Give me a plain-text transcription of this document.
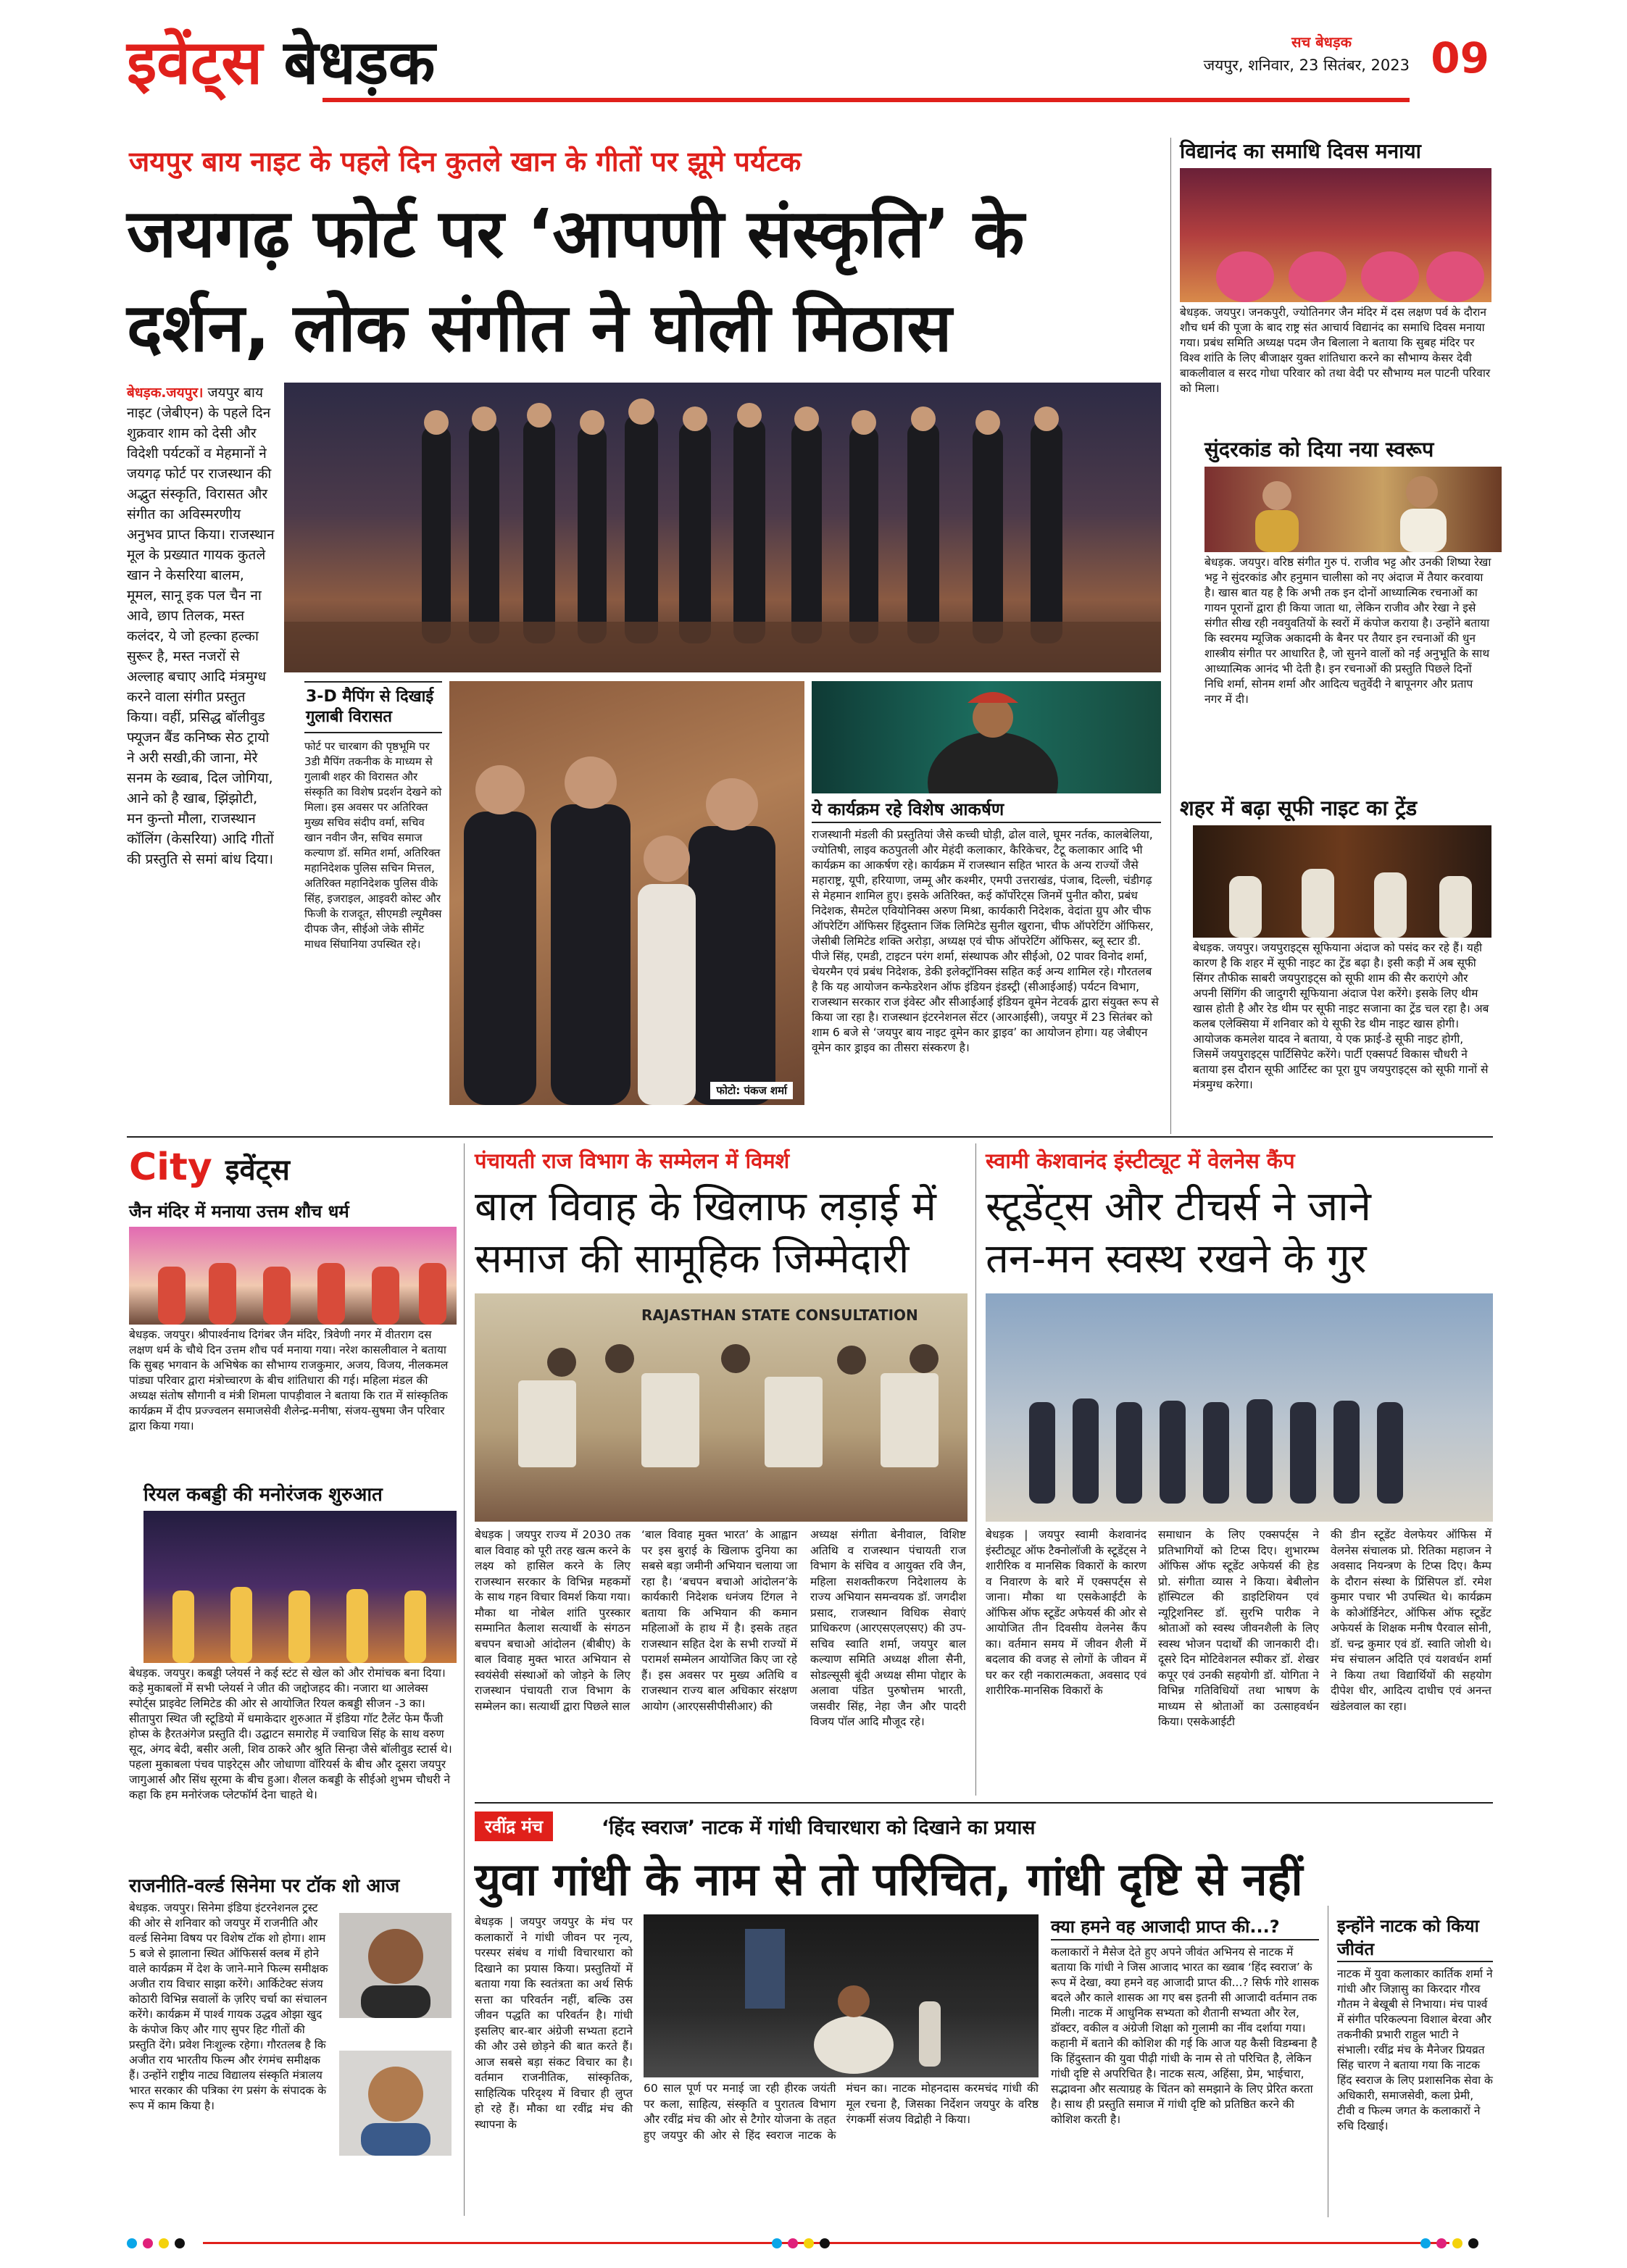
इवेंट्स बेधड़क	सच बेधड़क
जयपुर, शनिवार, 23 सितंबर, 2023 09
जयपुर बाय नाइट के पहले दिन कुतले खान के गीतों पर झूमे पर्यटक
जयगढ़ फोर्ट पर ‘आपणी संस्कृति’ के
दर्शन, लोक संगीत ने घोली मिठास
बेधड़क.जयपुर। जयपुर बाय नाइट (जेबीएन) के पहले दिन शुक्रवार शाम को देसी और विदेशी पर्यटकों व मेहमानों ने जयगढ़ फोर्ट पर राजस्थान की अद्भुत संस्कृति, विरासत और संगीत का अविस्मरणीय अनुभव प्राप्त किया। राजस्थान मूल के प्रख्यात गायक कुतले खान ने केसरिया बालम, मूमल, सानू इक पल चैन ना आवे, छाप तिलक, मस्त कलंदर, ये जो हल्का हल्का सुरूर है, मस्त नजरों से अल्लाह बचाए आदि मंत्रमुग्ध करने वाला संगीत प्रस्तुत किया। वहीं, प्रसिद्ध बॉलीवुड फ्यूजन बैंड कनिष्क सेठ ट्रायो ने अरी सखी,की जाना, मेरे सनम के ख्वाब, दिल जोगिया, आने को है खाब, झिंझोटी, मन कुन्तो मौला, राजस्थान कॉलिंग (केसरिया) आदि गीतों की प्रस्तुति से समां बांध दिया।
3-D मैपिंग से दिखाई गुलाबी विरासत
फोर्ट पर चारबाग की पृष्ठभूमि पर 3डी मैपिंग तकनीक के माध्यम से गुलाबी शहर की विरासत और संस्कृति का विशेष प्रदर्शन देखने को मिला। इस अवसर पर अतिरिक्त मुख्य सचिव संदीप वर्मा, सचिव खान नवीन जैन, सचिव समाज कल्याण डॉ. समित शर्मा, अतिरिक्त महानिदेशक पुलिस सचिन मित्तल, अतिरिक्त महानिदेशक पुलिस वीके सिंह, इजराइल, आइवरी कोस्ट और फिजी के राजदूत, सीएमडी ल्यूमैक्स दीपक जैन, सीईओ जेके सीमेंट माधव सिंघानिया उपस्थित रहे।
फोटो: पंकज शर्मा
ये कार्यक्रम रहे विशेष आकर्षण
राजस्थानी मंडली की प्रस्तुतियां जैसे कच्ची घोड़ी, ढोल वाले, घूमर नर्तक, कालबेलिया, ज्योतिषी, लाइव कठपुतली और मेहंदी कलाकार, कैरिकेचर, टैटू कलाकार आदि भी कार्यक्रम का आकर्षण रहे। कार्यक्रम में राजस्थान सहित भारत के अन्य राज्यों जैसे महाराष्ट्र, यूपी, हरियाणा, जम्मू और कश्मीर, एमपी उत्तराखंड, पंजाब, दिल्ली, चंडीगढ़ से मेहमान शामिल हुए। इसके अतिरिक्त, कई कॉर्पोरेट्स जिनमें पुनीत कौरा, प्रबंध निदेशक, सैमटेल एवियोनिक्स अरुण मिश्रा, कार्यकारी निदेशक, वेदांता ग्रुप और चीफ ऑपरेटिंग ऑफिसर हिंदुस्तान जिंक लिमिटेड सुनील खुराना, चीफ ऑपरेटिंग ऑफिसर, जेसीबी लिमिटेड शक्ति अरोड़ा, अध्यक्ष एवं चीफ ऑपरेटिंग ऑफिसर, ब्लू स्टार डी. पीजे सिंह, एमडी, टाइटन परंग शर्मा, संस्थापक और सीईओ, 02 पावर विनोद शर्मा, चेयरमैन एवं प्रबंध निदेशक, डेकी इलेक्ट्रॉनिक्स सहित कई अन्य शामिल रहे। गौरतलब है कि यह आयोजन कन्फेडरेशन ऑफ इंडियन इंडस्ट्री (सीआईआई) पर्यटन विभाग, राजस्थान सरकार राज इंवेस्ट और सीआईआई इंडियन वूमेन नेटवर्क द्वारा संयुक्त रूप से किया जा रहा है। राजस्थान इंटरनेशनल सेंटर (आरआईसी), जयपुर में 23 सितंबर को शाम 6 बजे से ‘जयपुर बाय नाइट वूमेन कार ड्राइव’ का आयोजन होगा। यह जेबीएन वूमेन कार ड्राइव का तीसरा संस्करण है।
विद्यानंद का समाधि दिवस मनाया
बेधड़क. जयपुर। जनकपुरी, ज्योतिनगर जैन मंदिर में दस लक्षण पर्व के दौरान शौच धर्म की पूजा के बाद राष्ट्र संत आचार्य विद्यानंद का समाधि दिवस मनाया गया। प्रबंध समिति अध्यक्ष पदम जैन बिलाला ने बताया कि सुबह मंदिर पर विश्व शांति के लिए बीजाक्षर युक्त शांतिधारा करने का सौभाग्य केसर देवी बाकलीवाल व सरद गोधा परिवार को तथा वेदी पर सौभाग्य मल पाटनी परिवार को मिला।
सुंदरकांड को दिया नया स्वरूप
बेधड़क. जयपुर। वरिष्ठ संगीत गुरु पं. राजीव भट्ट और उनकी शिष्या रेखा भट्ट ने सुंदरकांड और हनुमान चालीसा को नए अंदाज में तैयार करवाया है। खास बात यह है कि अभी तक इन दोनों आध्यात्मिक रचनाओं का गायन पूरानों द्वारा ही किया जाता था, लेकिन राजीव और रेखा ने इसे संगीत सीख रही नवयुवतियों के स्वरों में कंपोज कराया है। उन्होंने बताया कि स्वरमय म्यूजिक अकादमी के बैनर पर तैयार इन रचनाओं की धुन शास्त्रीय संगीत पर आधारित है, जो सुनने वालों को नई अनुभूति के साथ आध्यात्मिक आनंद भी देती है। इन रचनाओं की प्रस्तुति पिछले दिनों निधि शर्मा, सोनम शर्मा और आदित्य चतुर्वेदी ने बापूनगर और प्रताप नगर में दी।
शहर में बढ़ा सूफी नाइट का ट्रेंड
बेधड़क. जयपुर। जयपुराइट्स सूफियाना अंदाज को पसंद कर रहे हैं। यही कारण है कि शहर में सूफी नाइट का ट्रेंड बढ़ा है। इसी कड़ी में अब सूफी सिंगर तौफीक साबरी जयपुराइट्स को सूफी शाम की सैर कराएंगे और अपनी सिंगिंग की जादुगरी सूफियाना अंदाज पेश करेंगे। इसके लिए थीम खास होती है और रेड थीम पर सूफी नाइट सजाना का ट्रेंड चल रहा है। अब कलब एलेक्सिया में शनिवार को ये सूफी रेड थीम नाइट खास होगी। आयोजक कमलेश यादव ने बताया, ये एक फ्राई-डे सूफी नाइट होगी, जिसमें जयपुराइट्स पार्टिसिपेट करेंगे। पार्टी एक्सपर्ट विकास चौधरी ने बताया इस दौरान सूफी आर्टिस्ट का पूरा ग्रुप जयपुराइट्स को सूफी गानों से मंत्रमुग्ध करेगा।
City इवेंट्स
जैन मंदिर में मनाया उत्तम शौच धर्म
बेधड़क. जयपुर। श्रीपार्श्वनाथ दिगंबर जैन मंदिर, त्रिवेणी नगर में वीतराग दस लक्षण धर्म के चौथे दिन उत्तम शौच पर्व मनाया गया। नरेश कासलीवाल ने बताया कि सुबह भगवान के अभिषेक का सौभाग्य राजकुमार, अजय, विजय, नीलकमल पांड्या परिवार द्वारा मंत्रोच्चारण के बीच शांतिधारा की गई। महिला मंडल की अध्यक्ष संतोष सौगानी व मंत्री शिमला पापड़ीवाल ने बताया कि रात में सांस्कृतिक कार्यक्रम में दीप प्रज्ज्वलन समाजसेवी शैलेन्द्र-मनीषा, संजय-सुषमा जैन परिवार द्वारा किया गया।
रियल कबड्डी की मनोरंजक शुरुआत
बेधड़क. जयपुर। कबड्डी प्लेयर्स ने कई स्टंट से खेल को और रोमांचक बना दिया। कड़े मुकाबलों में सभी प्लेयर्स ने जीत की जद्दोजहद की। नजारा था आलेक्स स्पोर्ट्स प्राइवेट लिमिटेड की ओर से आयोजित रियल कबड्डी सीजन -3 का। सीतापुरा स्थित जी स्टूडियो में धमाकेदार शुरुआत में इंडिया गॉट टैलेंट फेम फैंजी होप्स के हैरतअंगेज प्रस्तुति दी। उद्घाटन समारोह में ज्वाधिज सिंह के साथ वरुण सूद, अंगद बेदी, बसीर अली, शिव ठाकरे और श्रुति सिन्हा जैसे बॉलीवुड स्टार्स थे। पहला मुकाबला पंचव पाइरेट्स और जोधाणा वॉरियर्स के बीच और दूसरा जयपुर जागुआर्स और सिंध सूरमा के बीच हुआ। शैलल कबड्डी के सीईओ शुभम चौधरी ने कहा कि हम मनोरंजक प्लेटफॉर्म देना चाहते थे।
राजनीति-वर्ल्ड सिनेमा पर टॉक शो आज
बेधड़क. जयपुर। सिनेमा इंडिया इंटरनेशनल ट्रस्ट की ओर से शनिवार को जयपुर में राजनीति और वर्ल्ड सिनेमा विषय पर विशेष टॉक शो होगा। शाम 5 बजे से झालाना स्थित ऑफिसर्स क्लब में होने वाले कार्यक्रम में देश के जाने-माने फिल्म समीक्षक अजीत राय विचार साझा करेंगे। आर्किटेक्ट संजय कोठारी विभिन्न सवालों के ज़रिए चर्चा का संचालन करेंगे। कार्यक्रम में पार्श्व गायक उद्धव ओझा खुद के कंपोज किए और गाए सुपर हिट गीतों की प्रस्तुति देंगे। प्रवेश निःशुल्क रहेगा। गौरतलब है कि अजीत राय भारतीय फिल्म और रंगमंच समीक्षक हैं। उन्होंने राष्ट्रीय नाट्य विद्यालय संस्कृति मंत्रालय भारत सरकार की पत्रिका रंग प्रसंग के संपादक के रूप में काम किया है।
पंचायती राज विभाग के सम्मेलन में विमर्श
बाल विवाह के खिलाफ लड़ाई में
समाज की सामूहिक जिम्मेदारी
RAJASTHAN STATE CONSULTATION
बेधड़क | जयपुर राज्य में 2030 तक बाल विवाह को पूरी तरह खत्म करने के लक्ष्य को हासिल करने के लिए राजस्थान सरकार के विभिन्न महकमों के साथ गहन विचार विमर्श किया गया। मौका था नोबेल शांति पुरस्कार सम्मानित कैलाश सत्यार्थी के संगठन बचपन बचाओ आंदोलन (बीबीए) के बाल विवाह मुक्त भारत अभियान से स्वयंसेवी संस्थाओं को जोड़ने के लिए राजस्थान पंचायती राज विभाग के सम्मेलन का। सत्यार्थी द्वारा पिछले साल
‘बाल विवाह मुक्त भारत’ के आह्वान पर इस बुराई के खिलाफ दुनिया का सबसे बड़ा जमीनी अभियान चलाया जा रहा है। ‘बचपन बचाओ आंदोलन’के कार्यकारी निदेशक धनंजय टिंगल ने बताया कि अभियान की कमान महिलाओं के हाथ में है। इसके तहत राजस्थान सहित देश के सभी राज्यों में परामर्श सम्मेलन आयोजित किए जा रहे हैं। इस अवसर पर मुख्य अतिथि व राजस्थान राज्य बाल अधिकार संरक्षण आयोग (आरएससीपीसीआर) की
अध्यक्ष संगीता बेनीवाल, विशिष्ट अतिथि व राजस्थान पंचायती राज विभाग के संचिव व आयुक्त रवि जैन, महिला सशक्तीकरण निदेशालय के राज्य अभियान समन्वयक डॉ. जगदीश प्रसाद, राजस्थान विधिक सेवाएं प्राधिकरण (आरएसएलएसए) की उप-सचिव स्वाति शर्मा, जयपुर बाल कल्याण समिति अध्यक्ष शीला सैनी, सोडल्सूसी बूंदी अध्यक्ष सीमा पोद्दार के अलावा पंडित पुरुषोत्तम भारती, जसवीर सिंह, नेहा जैन और पादरी विजय पॉल आदि मौजूद रहे।
स्वामी केशवानंद इंस्टीट्यूट में वेलनेस कैंप
स्टूडेंट्स और टीचर्स ने जाने
तन-मन स्वस्थ रखने के गुर
बेधड़क | जयपुर स्वामी केशवानंद इंस्टीट्यूट ऑफ टैक्नोलॉजी के स्टूडेंट्स ने शारीरिक व मानसिक विकारों के कारण व निवारण के बारे में एक्सपर्ट्स से जाना। मौका था एसकेआईटी के ऑफिस ऑफ स्टूडेंट अफेयर्स की ओर से आयोजित तीन दिवसीय वेलनेस कैंप का। वर्तमान समय में जीवन शैली में बदलाव की वजह से लोगों के जीवन में घर कर रही नकारात्मकता, अवसाद एवं शारीरिक-मानसिक विकारों के
समाधान के लिए एक्सपर्ट्स ने प्रतिभागियों को टिप्स दिए। शुभारम्भ ऑफिस ऑफ स्टूडेंट अफेयर्स की हेड प्रो. संगीता व्यास ने किया। बेबीलोन हॉस्पिटल की डाइटिशियन एवं न्यूट्रिशनिस्ट डॉ. सुरभि पारीक ने श्रोताओं को स्वस्थ जीवनशैली के लिए स्वस्थ भोजन पदार्थों की जानकारी दी। दूसरे दिन मोटिवेशनल स्पीकर डॉ. शेखर कपूर एवं उनकी सहयोगी डॉ. योगिता ने विभिन्न गतिविधियों तथा भाषण के माध्यम से श्रोताओं का उत्साहवर्धन किया। एसकेआईटी
की डीन स्टूडेंट वेलफेयर ऑफिस में वेलनेस संचालक प्रो. रितिका महाजन ने अवसाद नियन्त्रण के टिप्स दिए। कैम्प के दौरान संस्था के प्रिंसिपल डॉ. रमेश कुमार पचार भी उपस्थित थे। कार्यक्रम के कोऑर्डिनेटर, ऑफिस ऑफ स्टूडेंट अफेयर्स के शिक्षक मनीष पैरवाल सोनी, डॉ. चन्द्र कुमार एवं डॉ. स्वाति जोशी थे। मंच संचालन अदिति एवं यशवर्धन शर्मा ने किया तथा विद्यार्थियों की सहयोग दीपेश धीर, आदित्य दाधीच एवं अनन्त खंडेलवाल का रहा।
रवींद्र मंच	‘हिंद स्वराज’ नाटक में गांधी विचारधारा को दिखाने का प्रयास
युवा गांधी के नाम से तो परिचित, गांधी दृष्टि से नहीं
बेधड़क | जयपुर जयपुर के मंच पर कलाकारों ने गांधी जीवन पर नृत्य, परस्पर संबंध व गांधी विचारधारा को दिखाने का प्रयास किया। प्रस्तुतियों में बताया गया कि स्वतंत्रता का अर्थ सिर्फ सत्ता का परिवर्तन नहीं, बल्कि उस जीवन पद्धति का परिवर्तन है। गांधी इसलिए बार-बार अंग्रेजी सभ्यता हटाने की और उसे छोड़ने की बात करते हैं। आज सबसे बड़ा संकट विचार का है। वर्तमान राजनीतिक, सांस्कृतिक, साहित्यिक परिदृश्य में विचार ही लुप्त हो रहे हैं। मौका था रवींद्र मंच की स्थापना के
60 साल पूर्ण पर मनाई जा रही हीरक जयंती पर कला, साहित्य, संस्कृति व पुरातत्व विभाग और रवींद्र मंच की ओर से टैगोर योजना के तहत हुए जयपुर की ओर से हिंद स्वराज नाटक के मंचन का। नाटक मोहनदास करमचंद गांधी की मूल रचना है, जिसका निर्देशन जयपुर के वरिष्ठ रंगकर्मी संजय विद्रोही ने किया।
क्या हमने वह आजादी प्राप्त की...?
कलाकारों ने मैसेज देते हुए अपने जीवंत अभिनय से नाटक में बताया कि गांधी ने जिस आजाद भारत का ख्वाब ‘हिंद स्वराज’ के रूप में देखा, क्या हमने वह आजादी प्राप्त की...? सिर्फ गोरे शासक बदले और काले शासक आ गए बस इतनी सी आजादी वर्तमान तक मिली। नाटक में आधुनिक सभ्यता को शैतानी सभ्यता और रेल, डॉक्टर, वकील व अंग्रेजी शिक्षा को गुलामी का नींव दर्शाया गया। कहानी में बताने की कोशिश की गई कि आज यह कैसी विडम्बना है कि हिंदुस्तान की युवा पीढ़ी गांधी के नाम से तो परिचित है, लेकिन गांधी दृष्टि से अपरिचित है। नाटक सत्य, अहिंसा, प्रेम, भाईचारा, सद्भावना और सत्याग्रह के चिंतन को समझाने के लिए प्रेरित करता है। साथ ही प्रस्तुति समाज में गांधी दृष्टि को प्रतिष्ठित करने की कोशिश करती है।
इन्होंने नाटक को किया जीवंत
नाटक में युवा कलाकार कार्तिक शर्मा ने गांधी और जिज्ञासु का किरदार गौरव गौतम ने बेखूबी से निभाया। मंच पार्श्व में संगीत परिकल्पना विशाल बेरवा और तकनीकी प्रभारी राहुल भाटी ने संभाली। रवींद्र मंच के मैनेजर प्रियव्रत सिंह चारण ने बताया गया कि नाटक हिंद स्वराज के लिए प्रशासनिक सेवा के अधिकारी, समाजसेवी, कला प्रेमी, टीवी व फिल्म जगत के कलाकारों ने रुचि दिखाई।
